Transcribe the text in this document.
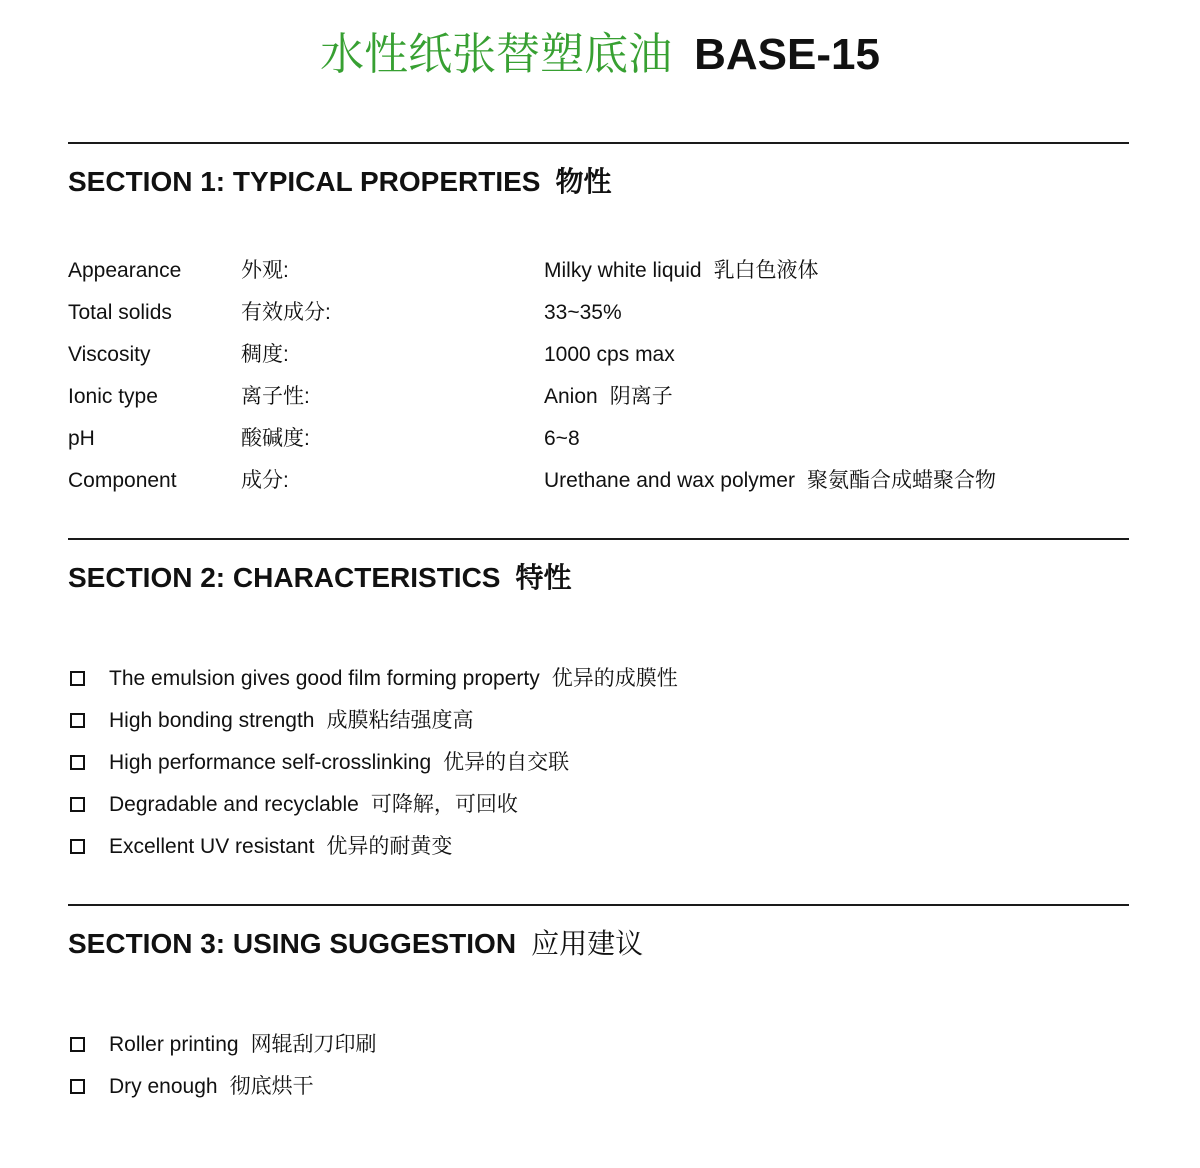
水性纸张替塑底油 BASE-15
SECTION 1: TYPICAL PROPERTIES 物性
Appearance	外观:	Milky white liquid 乳白色液体
Total solids	有效成分:	33~35%
Viscosity	稠度:	1000 cps max
Ionic type	离子性:	Anion 阴离子
pH	酸碱度:	6~8
Component	成分:	Urethane and wax polymer 聚氨酯合成蜡聚合物
SECTION 2: CHARACTERISTICS 特性
The emulsion gives good film forming property 优异的成膜性
High bonding strength 成膜粘结强度高
High performance self-crosslinking 优异的自交联
Degradable and recyclable 可降解，可回收
Excellent UV resistant 优异的耐黄变
SECTION 3: USING SUGGESTION 应用建议
Roller printing 网辊刮刀印刷
Dry enough 彻底烘干
